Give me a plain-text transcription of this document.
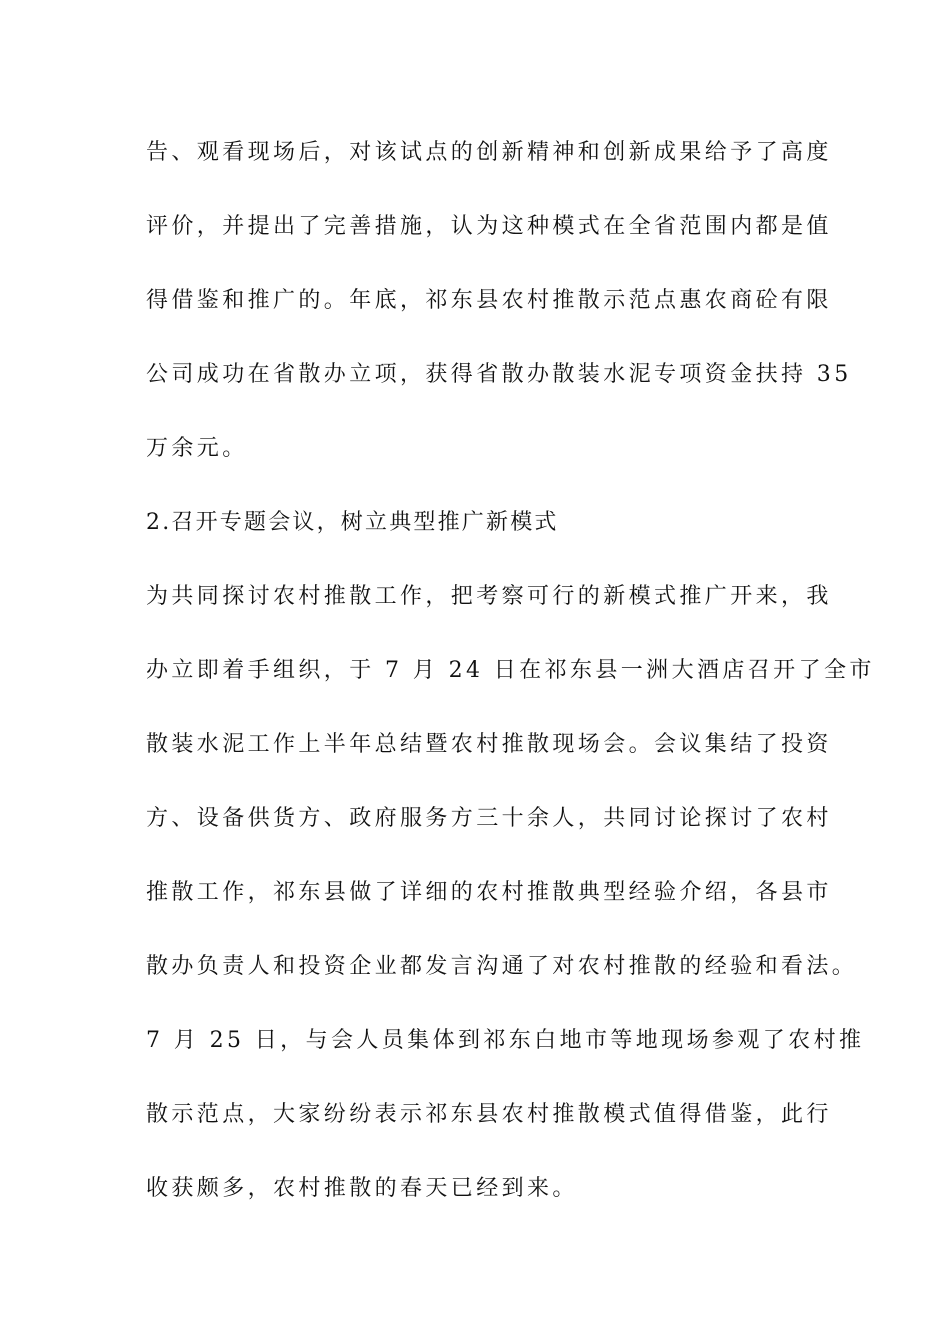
告、观看现场后，对该试点的创新精神和创新成果给予了高度
评价，并提出了完善措施，认为这种模式在全省范围内都是值
得借鉴和推广的。年底，祁东县农村推散示范点惠农商砼有限
公司成功在省散办立项，获得省散办散装水泥专项资金扶持 35
万余元。
2.召开专题会议，树立典型推广新模式
为共同探讨农村推散工作，把考察可行的新模式推广开来，我
办立即着手组织，于 7 月 24 日在祁东县一洲大酒店召开了全市
散装水泥工作上半年总结暨农村推散现场会。会议集结了投资
方、设备供货方、政府服务方三十余人，共同讨论探讨了农村
推散工作，祁东县做了详细的农村推散典型经验介绍，各县市
散办负责人和投资企业都发言沟通了对农村推散的经验和看法。
7 月 25 日，与会人员集体到祁东白地市等地现场参观了农村推
散示范点，大家纷纷表示祁东县农村推散模式值得借鉴，此行
收获颇多，农村推散的春天已经到来。
